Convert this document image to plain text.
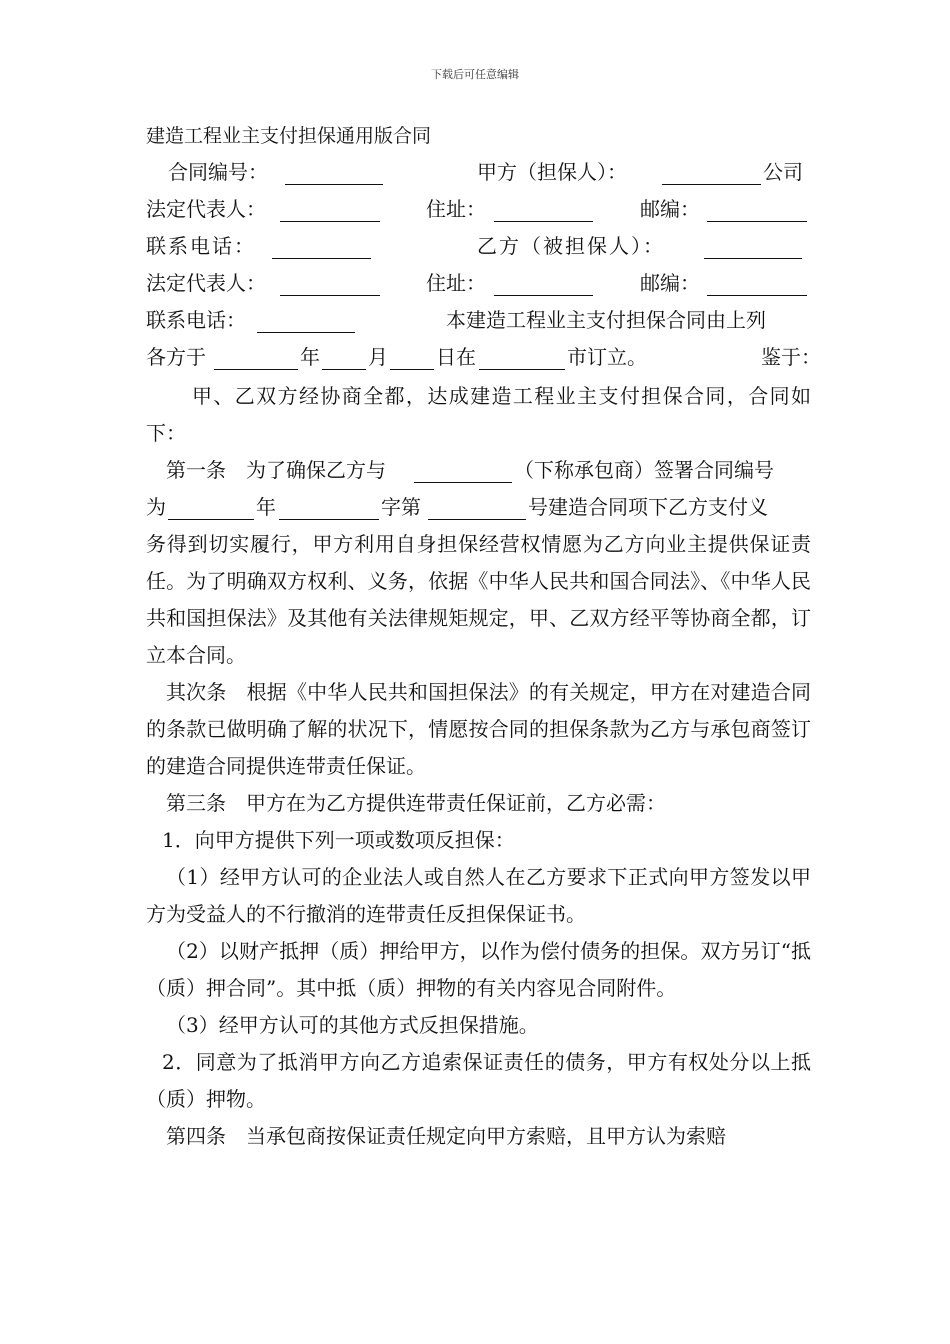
下载后可任意编辑
建造工程业主支付担保通用版合同
合同编号：	甲方（担保人）：	公司
法定代表人：	住址：	邮编：
联系电话：	乙方（被担保人）：
法定代表人：	住址：	邮编：
联系电话：	本建造工程业主支付担保合同由上列
各方于	年 月 日在	市订立。	鉴于：
甲、乙双方经协商全都，达成建造工程业主支付担保合同，合同如下：
第一条　为了确保乙方与	（下称承包商）签署合同编号
为	年	字第	号建造合同项下乙方支付义
务得到切实履行，甲方利用自身担保经营权情愿为乙方向业主提供保证责任。为了明确双方权利、义务，依据《中华人民共和国合同法》、《中华人民共和国担保法》及其他有关法律规矩规定，甲、乙双方经平等协商全都，订立本合同。
其次条　根据《中华人民共和国担保法》的有关规定，甲方在对建造合同的条款已做明确了解的状况下，情愿按合同的担保条款为乙方与承包商签订的建造合同提供连带责任保证。
第三条　甲方在为乙方提供连带责任保证前，乙方必需：
1．向甲方提供下列一项或数项反担保：
（1）经甲方认可的企业法人或自然人在乙方要求下正式向甲方签发以甲方为受益人的不行撤消的连带责任反担保保证书。
（2）以财产抵押（质）押给甲方，以作为偿付债务的担保。双方另订“抵（质）押合同”。其中抵（质）押物的有关内容见合同附件。
（3）经甲方认可的其他方式反担保措施。
2．同意为了抵消甲方向乙方追索保证责任的债务，甲方有权处分以上抵（质）押物。
第四条　当承包商按保证责任规定向甲方索赔，且甲方认为索赔
